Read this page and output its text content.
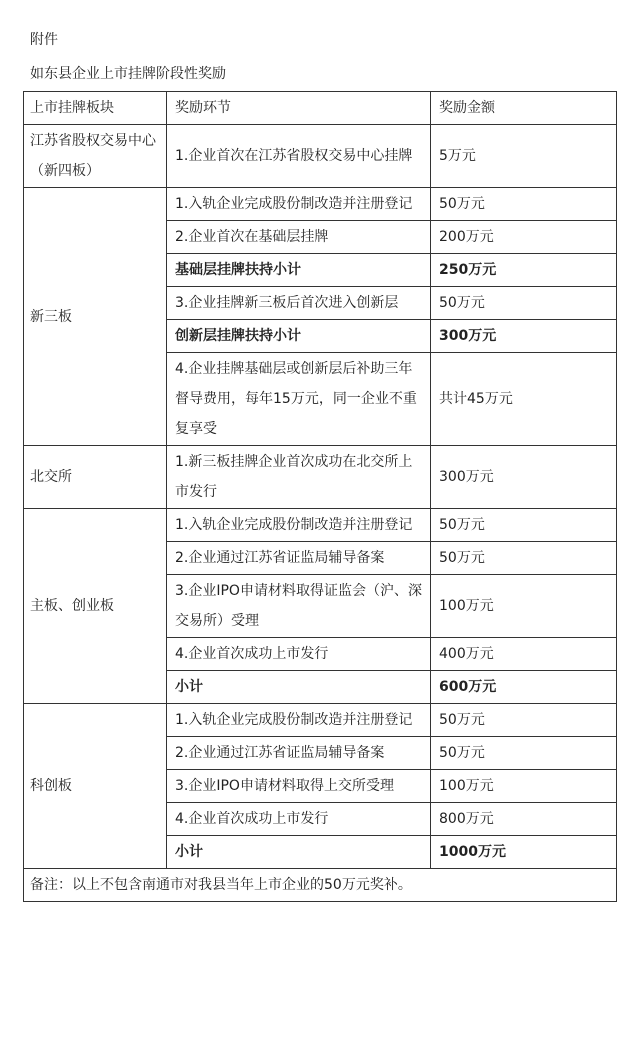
附件
如东县企业上市挂牌阶段性奖励
上市挂牌板块	奖励环节	奖励金额
江苏省股权交易中心（新四板）	1.企业首次在江苏省股权交易中心挂牌	5万元
新三板	1.入轨企业完成股份制改造并注册登记	50万元
	2.企业首次在基础层挂牌	200万元
	基础层挂牌扶持小计	250万元
	3.企业挂牌新三板后首次进入创新层	50万元
	创新层挂牌扶持小计	300万元
	4.企业挂牌基础层或创新层后补助三年督导费用，每年15万元，同一企业不重复享受	共计45万元
北交所	1.新三板挂牌企业首次成功在北交所上市发行	300万元
主板、创业板	1.入轨企业完成股份制改造并注册登记	50万元
	2.企业通过江苏省证监局辅导备案	50万元
	3.企业IPO申请材料取得证监会（沪、深交易所）受理	100万元
	4.企业首次成功上市发行	400万元
	小计	600万元
科创板	1.入轨企业完成股份制改造并注册登记	50万元
	2.企业通过江苏省证监局辅导备案	50万元
	3.企业IPO申请材料取得上交所受理	100万元
	4.企业首次成功上市发行	800万元
	小计	1000万元
备注：以上不包含南通市对我县当年上市企业的50万元奖补。		
